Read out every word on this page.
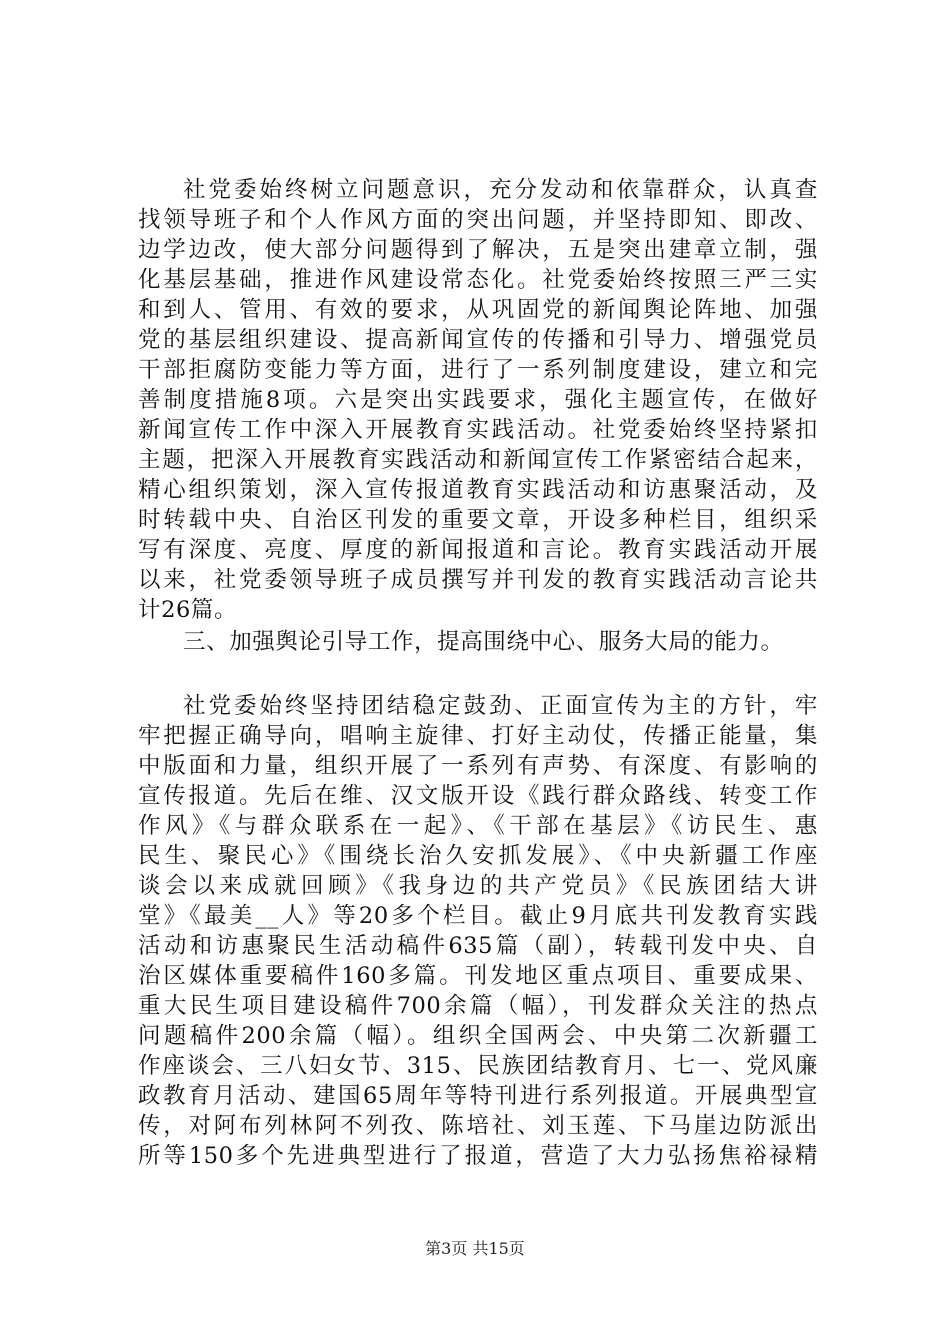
社党委始终树立问题意识，充分发动和依靠群众，认真查

找领导班子和个人作风方面的突出问题，并坚持即知、即改、

边学边改，使大部分问题得到了解决，五是突出建章立制，强

化基层基础，推进作风建设常态化。社党委始终按照三严三实

和到人、管用、有效的要求，从巩固党的新闻舆论阵地、加强

党的基层组织建设、提高新闻宣传的传播和引导力、增强党员

干部拒腐防变能力等方面，进行了一系列制度建设，建立和完

善制度措施8项。六是突出实践要求，强化主题宣传，在做好

新闻宣传工作中深入开展教育实践活动。社党委始终坚持紧扣

主题，把深入开展教育实践活动和新闻宣传工作紧密结合起来，

精心组织策划，深入宣传报道教育实践活动和访惠聚活动，及

时转载中央、自治区刊发的重要文章，开设多种栏目，组织采

写有深度、亮度、厚度的新闻报道和言论。教育实践活动开展

以来，社党委领导班子成员撰写并刊发的教育实践活动言论共

计26篇。

三、加强舆论引导工作，提高围绕中心、服务大局的能力。

社党委始终坚持团结稳定鼓劲、正面宣传为主的方针，牢

牢把握正确导向，唱响主旋律、打好主动仗，传播正能量，集

中版面和力量，组织开展了一系列有声势、有深度、有影响的

宣传报道。先后在维、汉文版开设《践行群众路线、转变工作

作风》《与群众联系在一起》、《干部在基层》《访民生、惠

民生、聚民心》《围绕长治久安抓发展》、《中央新疆工作座

谈会以来成就回顾》《我身边的共产党员》《民族团结大讲

堂》《最美__人》等20多个栏目。截止9月底共刊发教育实践

活动和访惠聚民生活动稿件635篇（副），转载刊发中央、自

治区媒体重要稿件160多篇。刊发地区重点项目、重要成果、

重大民生项目建设稿件700余篇（幅），刊发群众关注的热点

问题稿件200余篇（幅）。组织全国两会、中央第二次新疆工

作座谈会、三八妇女节、315、民族团结教育月、七一、党风廉

政教育月活动、建国65周年等特刊进行系列报道。开展典型宣

传，对阿布列林阿不列孜、陈培社、刘玉莲、下马崖边防派出

所等150多个先进典型进行了报道，营造了大力弘扬焦裕禄精

第3页 共15页
